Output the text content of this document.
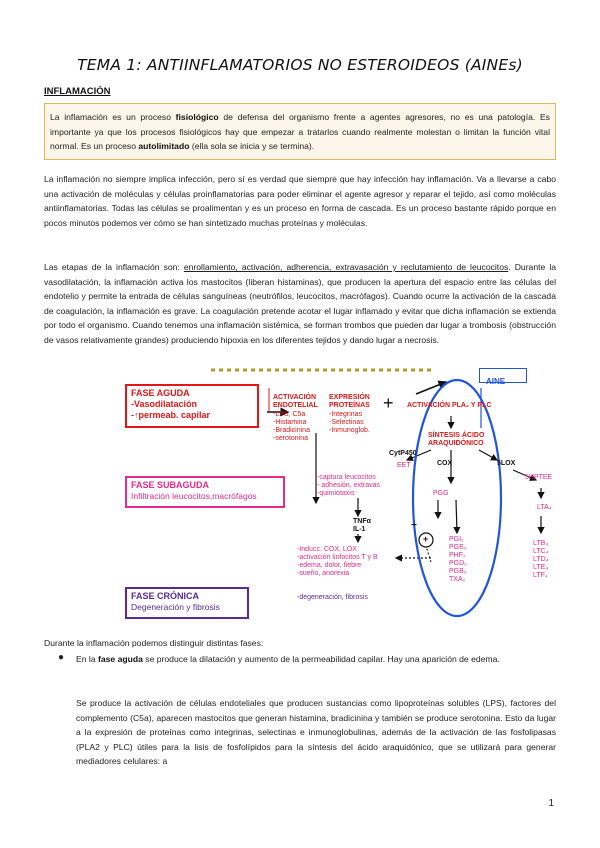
TEMA 1: ANTIINFLAMATORIOS NO ESTEROIDEOS (AINEs)
INFLAMACIÓN

La inflamación es un proceso fisiológico de defensa del organismo frente a agentes agresores, no es una patología. Es importante ya que los procesos fisiológicos hay que empezar a tratarlos cuando realmente molestan o limitan la función vital normal. Es un proceso autolimitado (ella sola se inicia y se termina).

La inflamación no siempre implica infección, pero sí es verdad que siempre que hay infección hay inflamación. Va a llevarse a cabo una activación de moléculas y células proinflamatorias para poder eliminar el agente agresor y reparar el tejido, así como moléculas antiinflamatorias. Todas las células se proalimentan y es un proceso en forma de cascada. Es un proceso bastante rápido porque en pocos minutos podemos ver cómo se han sintetizado muchas proteínas y moléculas.

Las etapas de la inflamación son: enrollamiento, activación, adherencia, extravasación y reclutamiento de leucocitos. Durante la vasodilatación, la inflamación activa los mastocitos (liberan histaminas), que producen la apertura del espacio entre las células del endotelio y permite la entrada de células sanguíneas (neutrófilos, leucocitos, macrófagos). Cuando ocurre la activación de la cascada de coagulación, la inflamación es grave. La coagulación pretende acotar el lugar inflamado y evitar que dicha inflamación se extienda por todo el organismo. Cuando tenemos una inflamación sistémica, se forman trombos que pueden dar lugar a trombosis (obstrucción de vasos relativamente grandes) produciendo hipoxia en los diferentes tejidos y dando lugar a necrosis.

AINE
FASE AGUDA
-Vasodilatación
-↑permeab. capilar
ACTIVACIÓN
ENDOTELIAL
-LPS, C5a
-Histamina
-Bradicinina
-serotonina
EXPRESIÓN
PROTEÍNAS
-Integrinas
-Selectinas
-Inmunoglob.
+ ACTIVACIÓN PLA₂ Y PLC
SÍNTESIS ÁCIDO
ARAQUIDÓNICO
CytP450
EET	COX	5LOX
5HPTEE
PGG
LTA₄
PGI₂
PGE₂
PHF₂
PGD₂
PGB₂
TXA₂
LTB₄
LTC₄
LTD₄
LTE₄
LTF₄
FASE SUBAGUDA
Infiltración leucocitos,macrófagos
-captura leucocitos
- adhesión, extravas
-quimiotaxis
TNFα
IL-1
-Inducc. COX, LOX
-activación linfocitos T y B
-edema, dolor, fiebre
-sueño, anorexia
-degeneración, fibrosis
FASE CRÓNICA
Degeneración y fibrosis
−
+

Durante la inflamación podemos distinguir distintas fases:

● En la fase aguda se produce la dilatación y aumento de la permeabilidad capilar. Hay una aparición de edema.

Se produce la activación de células endoteliales que producen sustancias como lipoproteínas solubles (LPS), factores del complemento (C5a), aparecen mastocitos que generan histamina, bradicinina y también se produce serotonina. Esto da lugar a la expresión de proteínas como integrinas, selectinas e inmunoglobulinas, además de la activación de las fosfolipasas (PLA2 y PLC) útiles para la lisis de fosfolípidos para la síntesis del ácido araquidónico, que se utilizará para generar mediadores celulares: a

1
